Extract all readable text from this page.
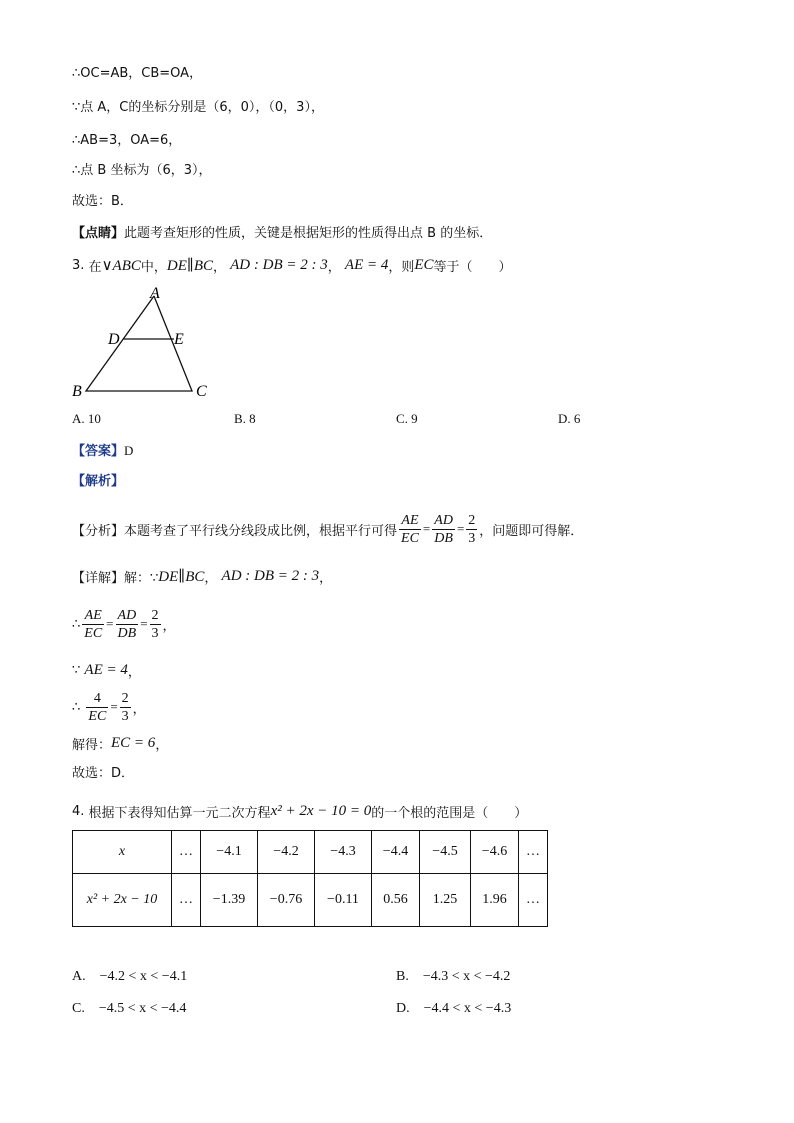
∴OC=AB，CB=OA，
∵点 A，C的坐标分别是（6，0），（0，3），
∴AB=3，OA=6，
∴点 B 坐标为（6，3），
故选：B．
【点睛】此题考查矩形的性质，关键是根据矩形的性质得出点 B 的坐标．
3.
在 ∨ABC 中， DE∥BC ，
AD : DB = 2 : 3 ，
AE = 4 ，则 EC 等于（　　）
A
D	E
B	C
A. 10	B. 8	C. 9	D. 6
【答案】D
【解析】
【分析】 本题考查了平行线分线段成比例，根据平行可得 $\frac{AE}{EC} = \frac{AD}{DB} = \frac{2}{3}$ ，问题即可得解．
【详解】 解：∵ DE∥BC ，
AD : DB = 2 : 3 ，
∴ $\frac{AE}{EC} = \frac{AD}{DB} = \frac{2}{3}$ ，
∵
AE = 4 ，
∴
$\frac{4}{EC} = \frac{2}{3}$ ，
解得： EC = 6 ，
故选：D．
4.
根据下表得知估算一元二次方程 x² + 2x − 10 = 0 的一个根的范围是（　　）
x	…	−4.1	−4.2	−4.3	−4.4	−4.5	−4.6	…
x² + 2x − 10	…	−1.39	−0.76	−0.11	0.56	1.25	1.96	…
A.　−4.2 < x < −4.1	B.　−4.3 < x < −4.2
C.　−4.5 < x < −4.4	D.　−4.4 < x < −4.3
